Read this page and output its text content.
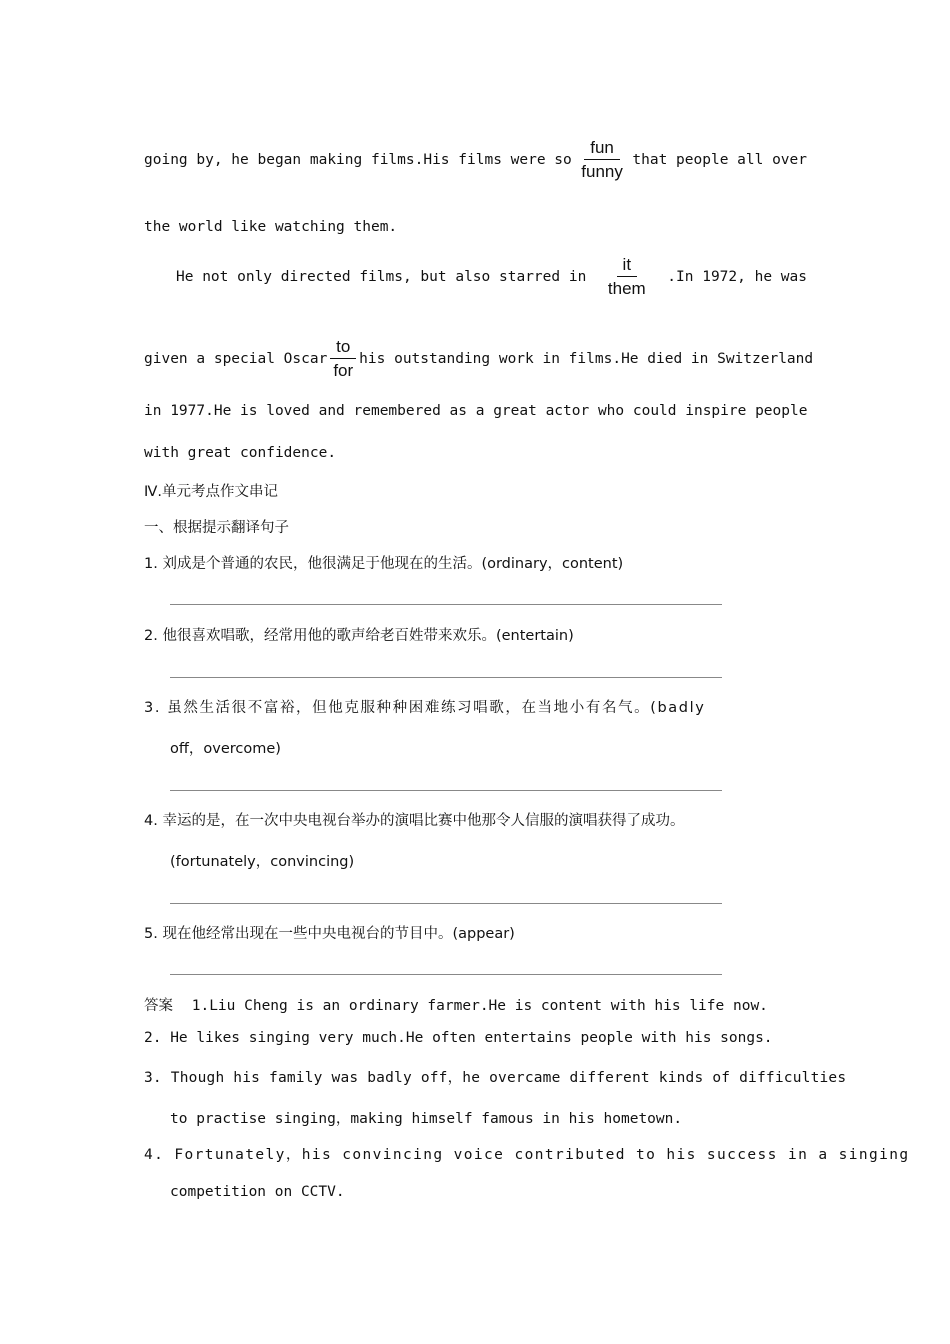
going by, he began making films.His films were so $\frac{\text{fun}}{\text{funny}}$ that people all over
the world like watching them.
He not only directed films, but also starred in $\frac{it}{\text{them}} .In$ 1972, he was
given a special Oscar $\frac{to}{\text{for}}$ his outstanding work in films.He died in Switzerland
in 1977.He is loved and remembered as a great actor who could inspire people
with great confidence.
Ⅳ.单元考点作文串记
一、根据提示翻译句子
1. 刘成是个普通的农民，他很满足于他现在的生活。(ordinary，content)
2. 他很喜欢唱歌，经常用他的歌声给老百姓带来欢乐。(entertain)
3. 虽然生活很不富裕，但他克服种种困难练习唱歌，在当地小有名气。(badly
off，overcome)
4. 幸运的是，在一次中央电视台举办的演唱比赛中他那令人信服的演唱获得了成功。
(fortunately，convincing)
5. 现在他经常出现在一些中央电视台的节目中。(appear)
答案 1.Liu Cheng is an ordinary farmer.He is content with his life now.
2. He likes singing very much.He often entertains people with his songs.
3. Though his family was badly off，he overcame different kinds of difficulties
to practise singing，making himself famous in his hometown.
4. Fortunately，his convincing voice contributed to his success in a singing
competition on CCTV.
